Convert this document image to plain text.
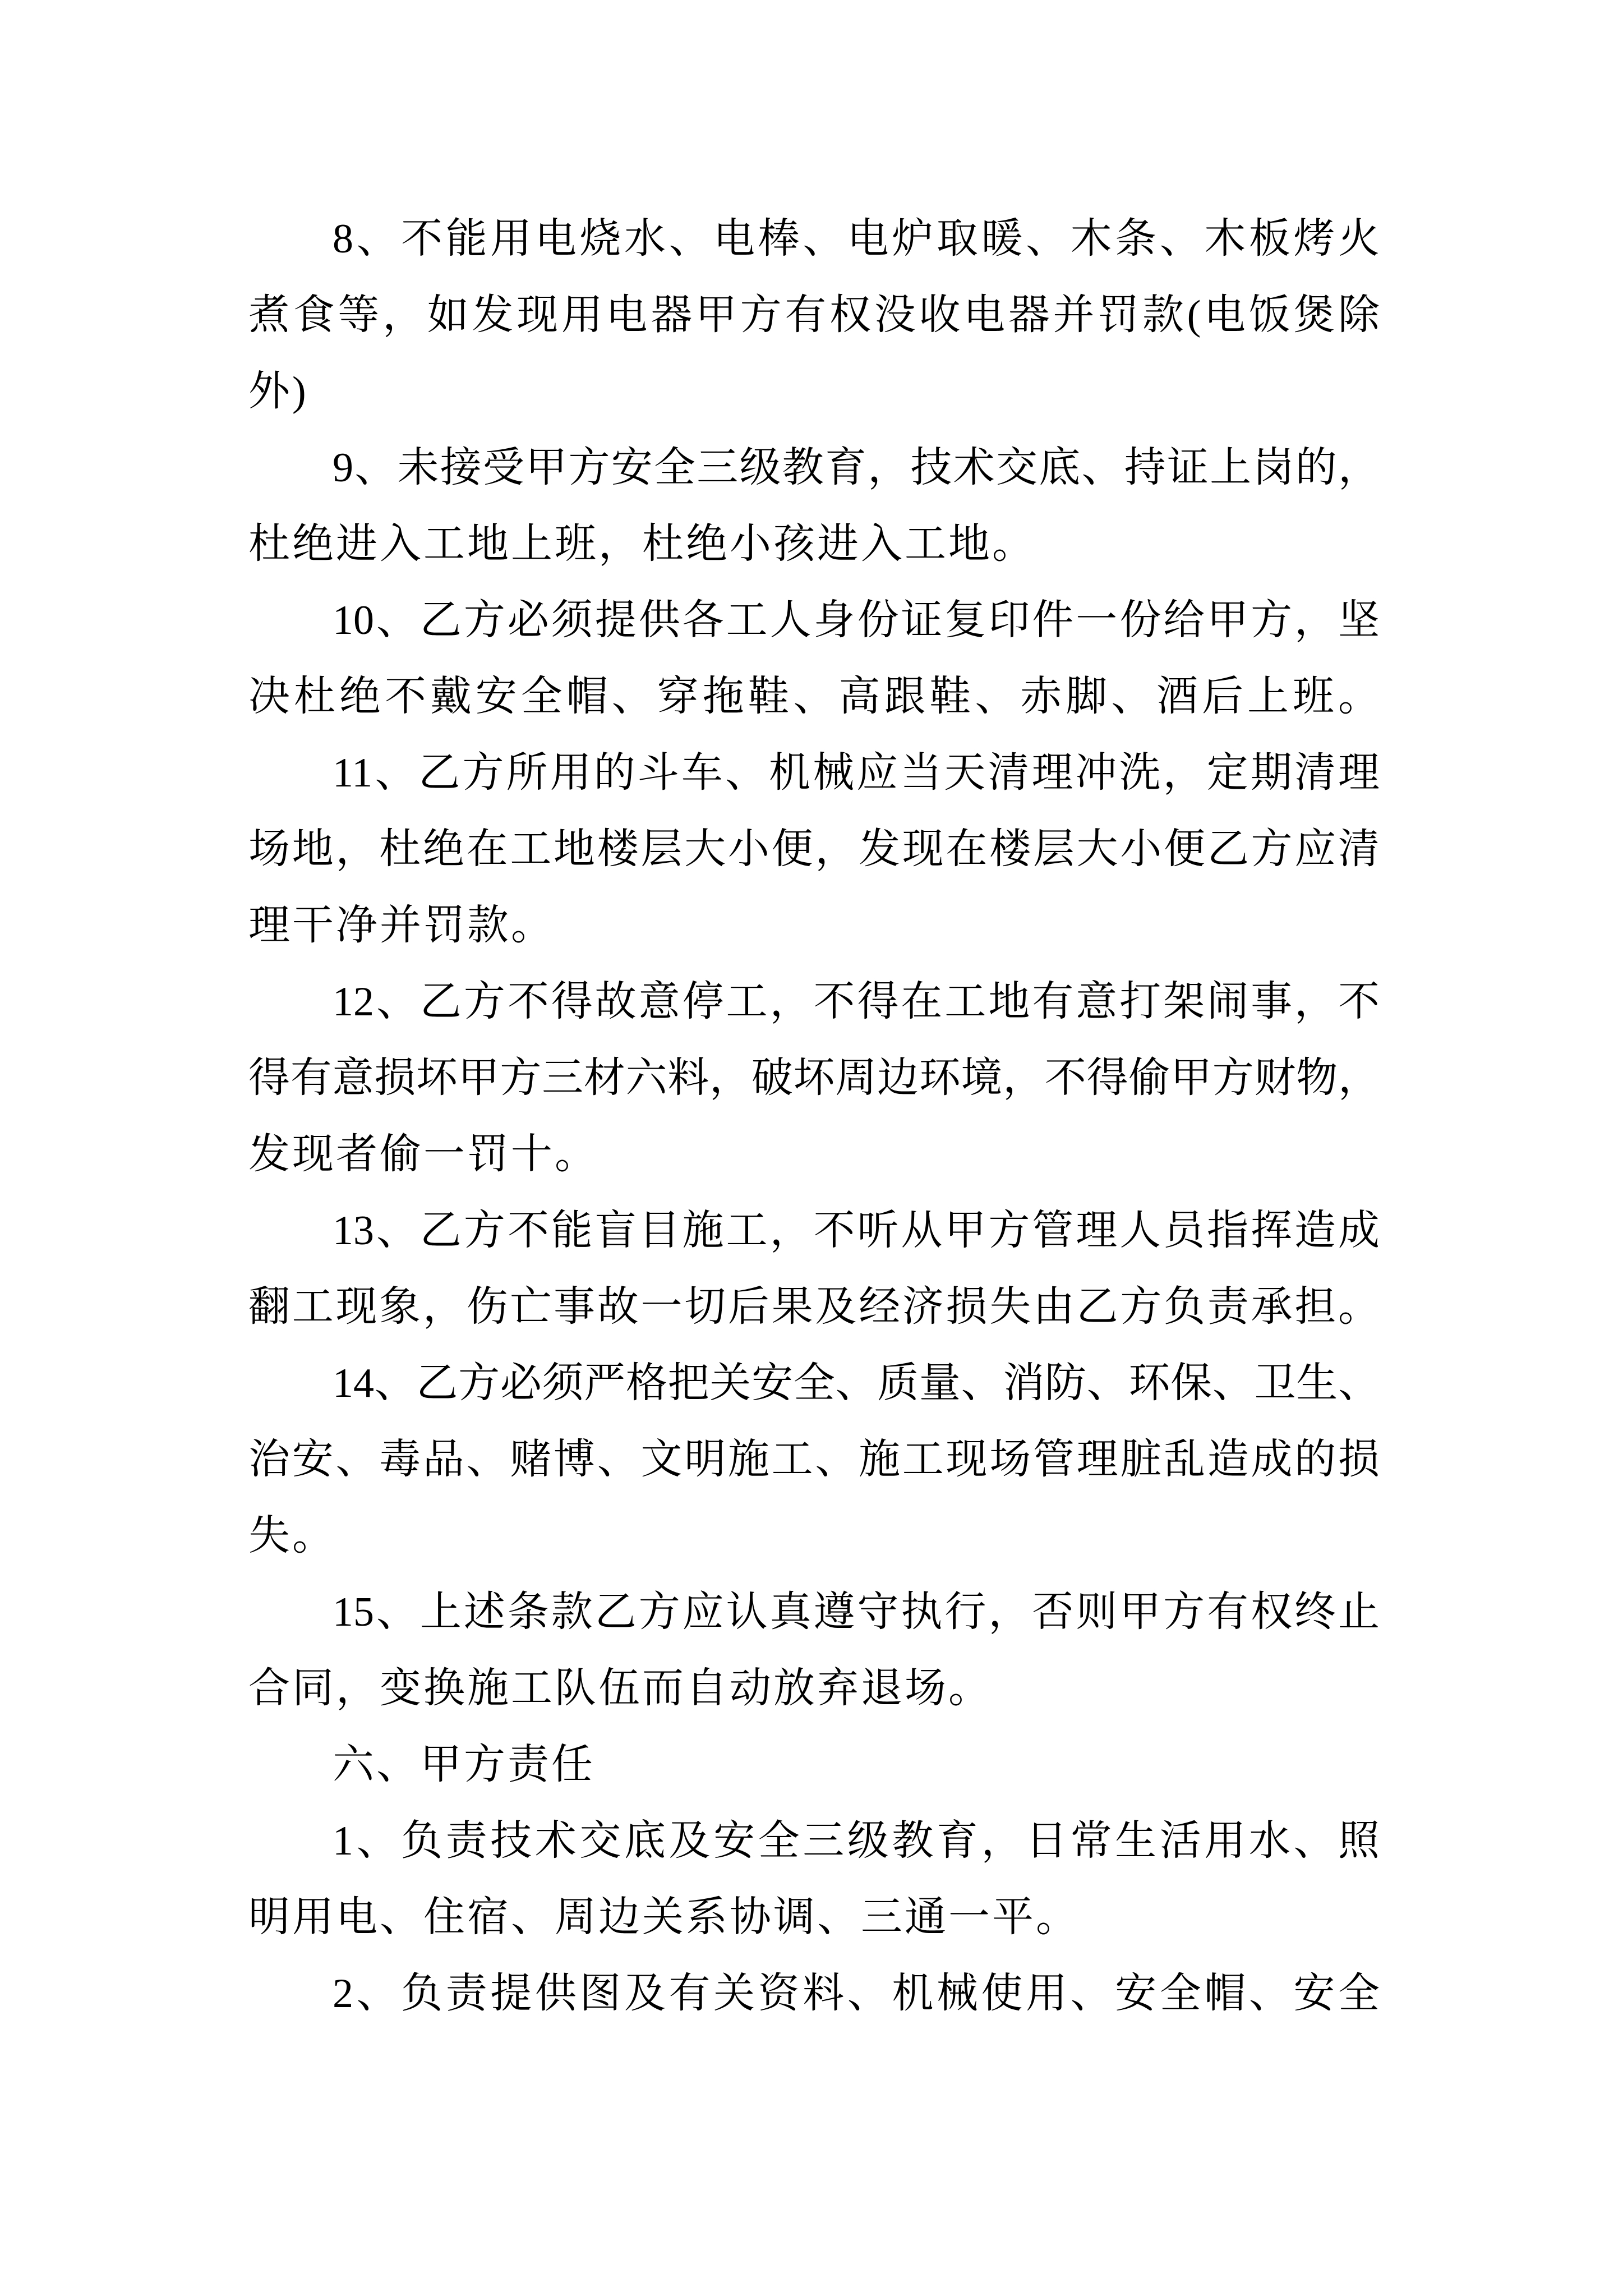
8、不能用电烧水、电棒、电炉取暖、木条、木板烤火
煮食等，如发现用电器甲方有权没收电器并罚款(电饭煲除
外)
9、未接受甲方安全三级教育，技术交底、持证上岗的，
杜绝进入工地上班，杜绝小孩进入工地。
10、乙方必须提供各工人身份证复印件一份给甲方，坚
决杜绝不戴安全帽、穿拖鞋、高跟鞋、赤脚、酒后上班。
11、乙方所用的斗车、机械应当天清理冲洗，定期清理
场地，杜绝在工地楼层大小便，发现在楼层大小便乙方应清
理干净并罚款。
12、乙方不得故意停工，不得在工地有意打架闹事，不
得有意损坏甲方三材六料，破坏周边环境，不得偷甲方财物，
发现者偷一罚十。
13、乙方不能盲目施工，不听从甲方管理人员指挥造成
翻工现象，伤亡事故一切后果及经济损失由乙方负责承担。
14、乙方必须严格把关安全、质量、消防、环保、卫生、
治安、毒品、赌博、文明施工、施工现场管理脏乱造成的损
失。
15、上述条款乙方应认真遵守执行，否则甲方有权终止
合同，变换施工队伍而自动放弃退场。
六、甲方责任
1、负责技术交底及安全三级教育，日常生活用水、照
明用电、住宿、周边关系协调、三通一平。
2、负责提供图及有关资料、机械使用、安全帽、安全
